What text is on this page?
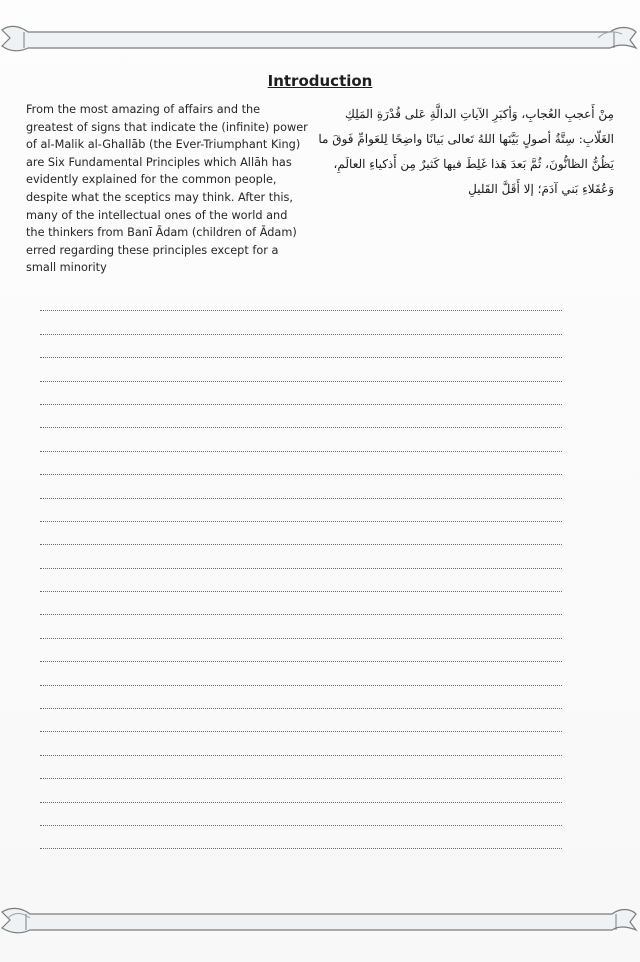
Introduction
From the most amazing of affairs and the greatest of signs that indicate the (infinite) power of al-Malik al-Ghallāb (the Ever-Triumphant King) are Six Fundamental Principles which Allāh has evidently explained for the common people, despite what the sceptics may think. After this, many of the intellectual ones of the world and the thinkers from Banī Ādam (children of Ādam) erred regarding these principles except for a small minority
مِنْ أَعجبِ العُجابِ، وَأكبَرِ الآياتِ الدالَّةِ عَلى قُدْرَةِ المَلِكِ الغَلّابِ: سِتَّةُ أصولٍ بَيَّنَها اللهُ تَعالى بَيانًا واضِحًا لِلعَوامِّ فَوقَ ما يَظُنُّ الظانُّونَ، ثُمَّ بَعدَ هَذا غَلِطَ فيها كَثيرٌ مِن أَذكياءِ العالَمِ، وَعُقَلاءِ بَني آدَمَ؛ إلا أَقَلَّ القَليلِ
